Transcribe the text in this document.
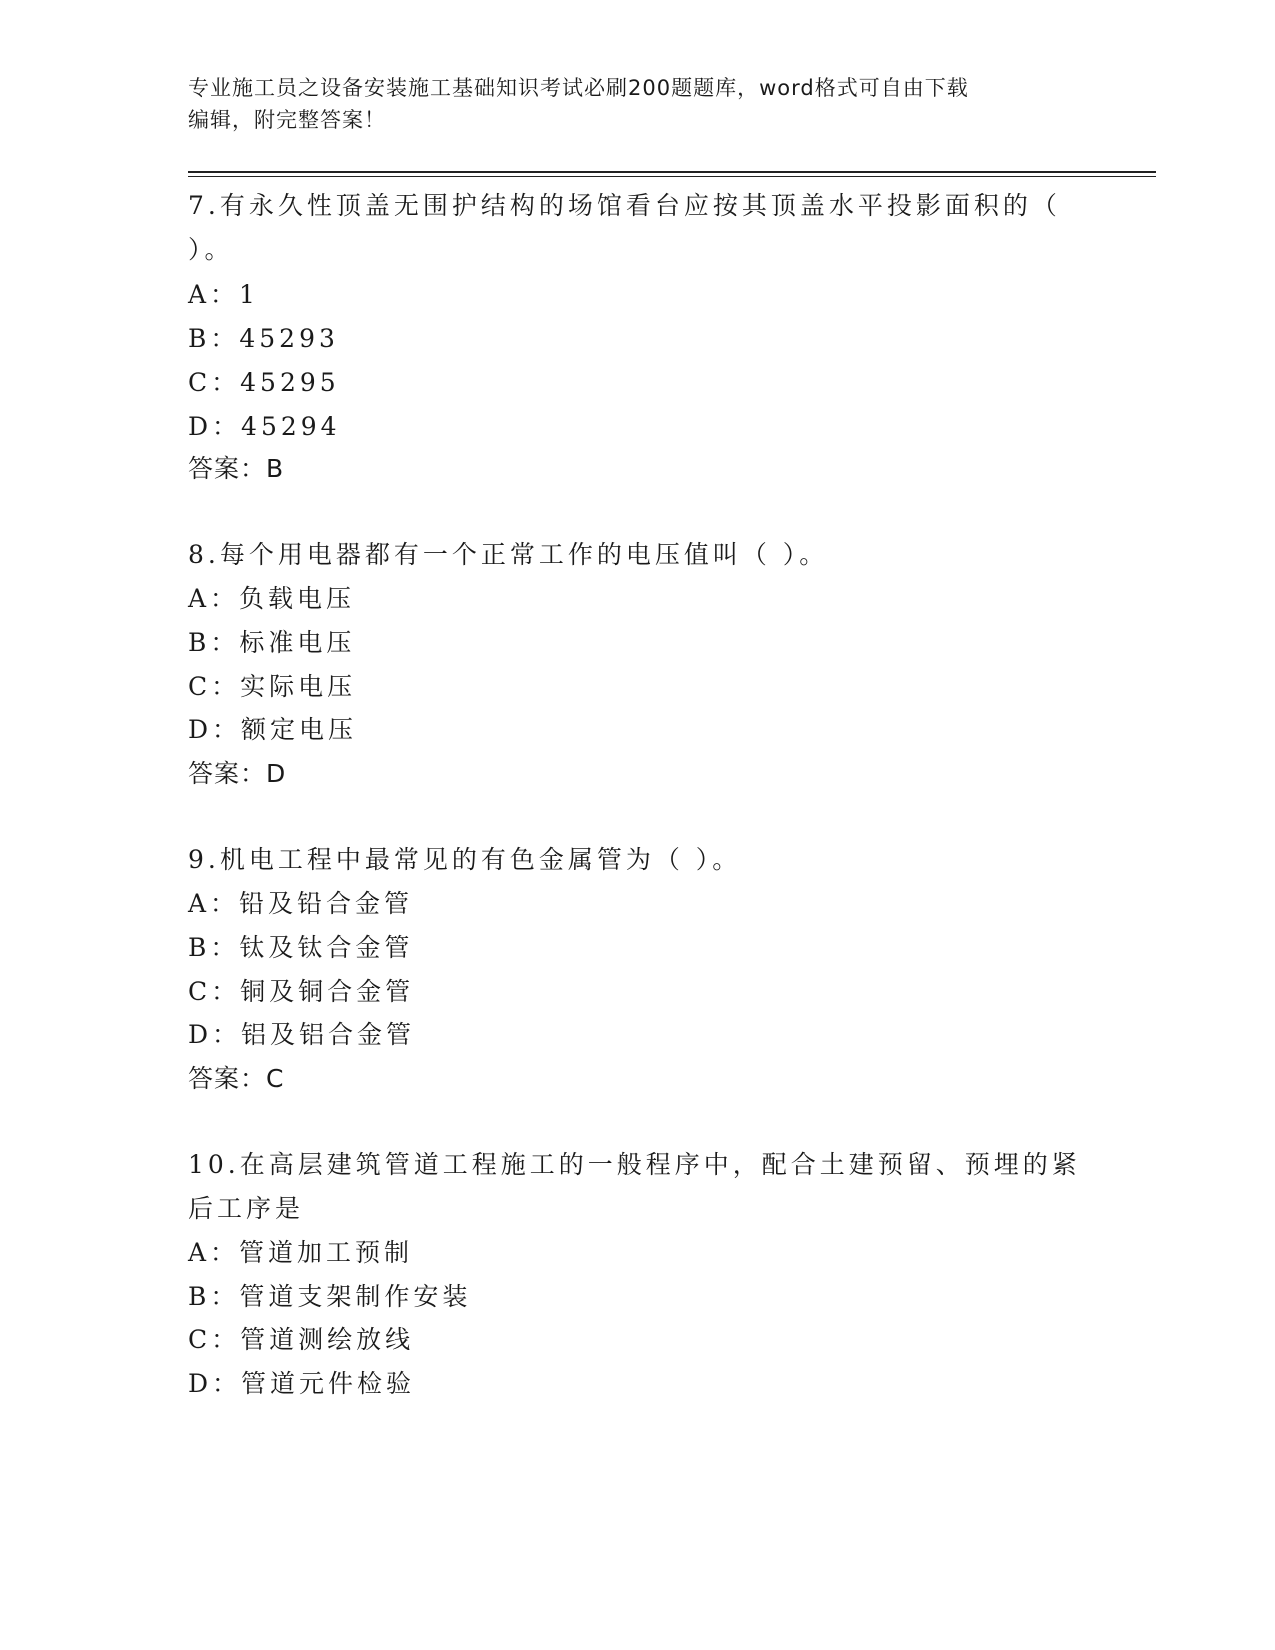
专业施工员之设备安装施工基础知识考试必刷200题题库，word格式可自由下载
编辑，附完整答案！
7.有永久性顶盖无围护结构的场馆看台应按其顶盖水平投影面积的（
）。
A：1
B：45293
C：45295
D：45294
答案：B
8.每个用电器都有一个正常工作的电压值叫（ ）。
A：负载电压
B：标准电压
C：实际电压
D：额定电压
答案：D
9.机电工程中最常见的有色金属管为（ ）。
A：铅及铅合金管
B：钛及钛合金管
C：铜及铜合金管
D：铝及铝合金管
答案：C
10.在高层建筑管道工程施工的一般程序中，配合土建预留、预埋的紧
后工序是
A：管道加工预制
B：管道支架制作安装
C：管道测绘放线
D：管道元件检验
